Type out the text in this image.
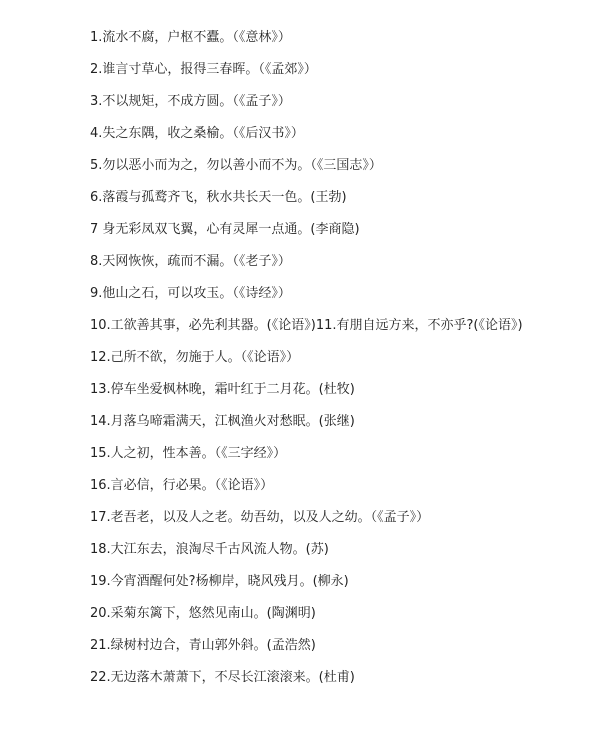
1.流水不腐，户枢不蠹。（《意林》）
2.谁言寸草心，报得三春晖。（《孟郊》）
3.不以规矩，不成方圆。（《孟子》）
4.失之东隅，收之桑榆。（《后汉书》）
5.勿以恶小而为之，勿以善小而不为。（《三国志》）
6.落霞与孤鹜齐飞，秋水共长天一色。(王勃)
7 身无彩凤双飞翼，心有灵犀一点通。(李商隐)
8.天网恢恢，疏而不漏。（《老子》）
9.他山之石，可以攻玉。（《诗经》）
10.工欲善其事，必先利其器。(《论语》)11.有朋自远方来，不亦乎?(《论语》)
12.己所不欲，勿施于人。（《论语》）
13.停车坐爱枫林晚，霜叶红于二月花。(杜牧)
14.月落乌啼霜满天，江枫渔火对愁眠。(张继)
15.人之初，性本善。（《三字经》）
16.言必信，行必果。（《论语》）
17.老吾老，以及人之老。幼吾幼，以及人之幼。（《孟子》）
18.大江东去，浪淘尽千古风流人物。(苏)
19.今宵酒醒何处?杨柳岸，晓风残月。(柳永)
20.采菊东篱下，悠然见南山。(陶渊明)
21.绿树村边合，青山郭外斜。(孟浩然)
22.无边落木萧萧下，不尽长江滚滚来。(杜甫)
